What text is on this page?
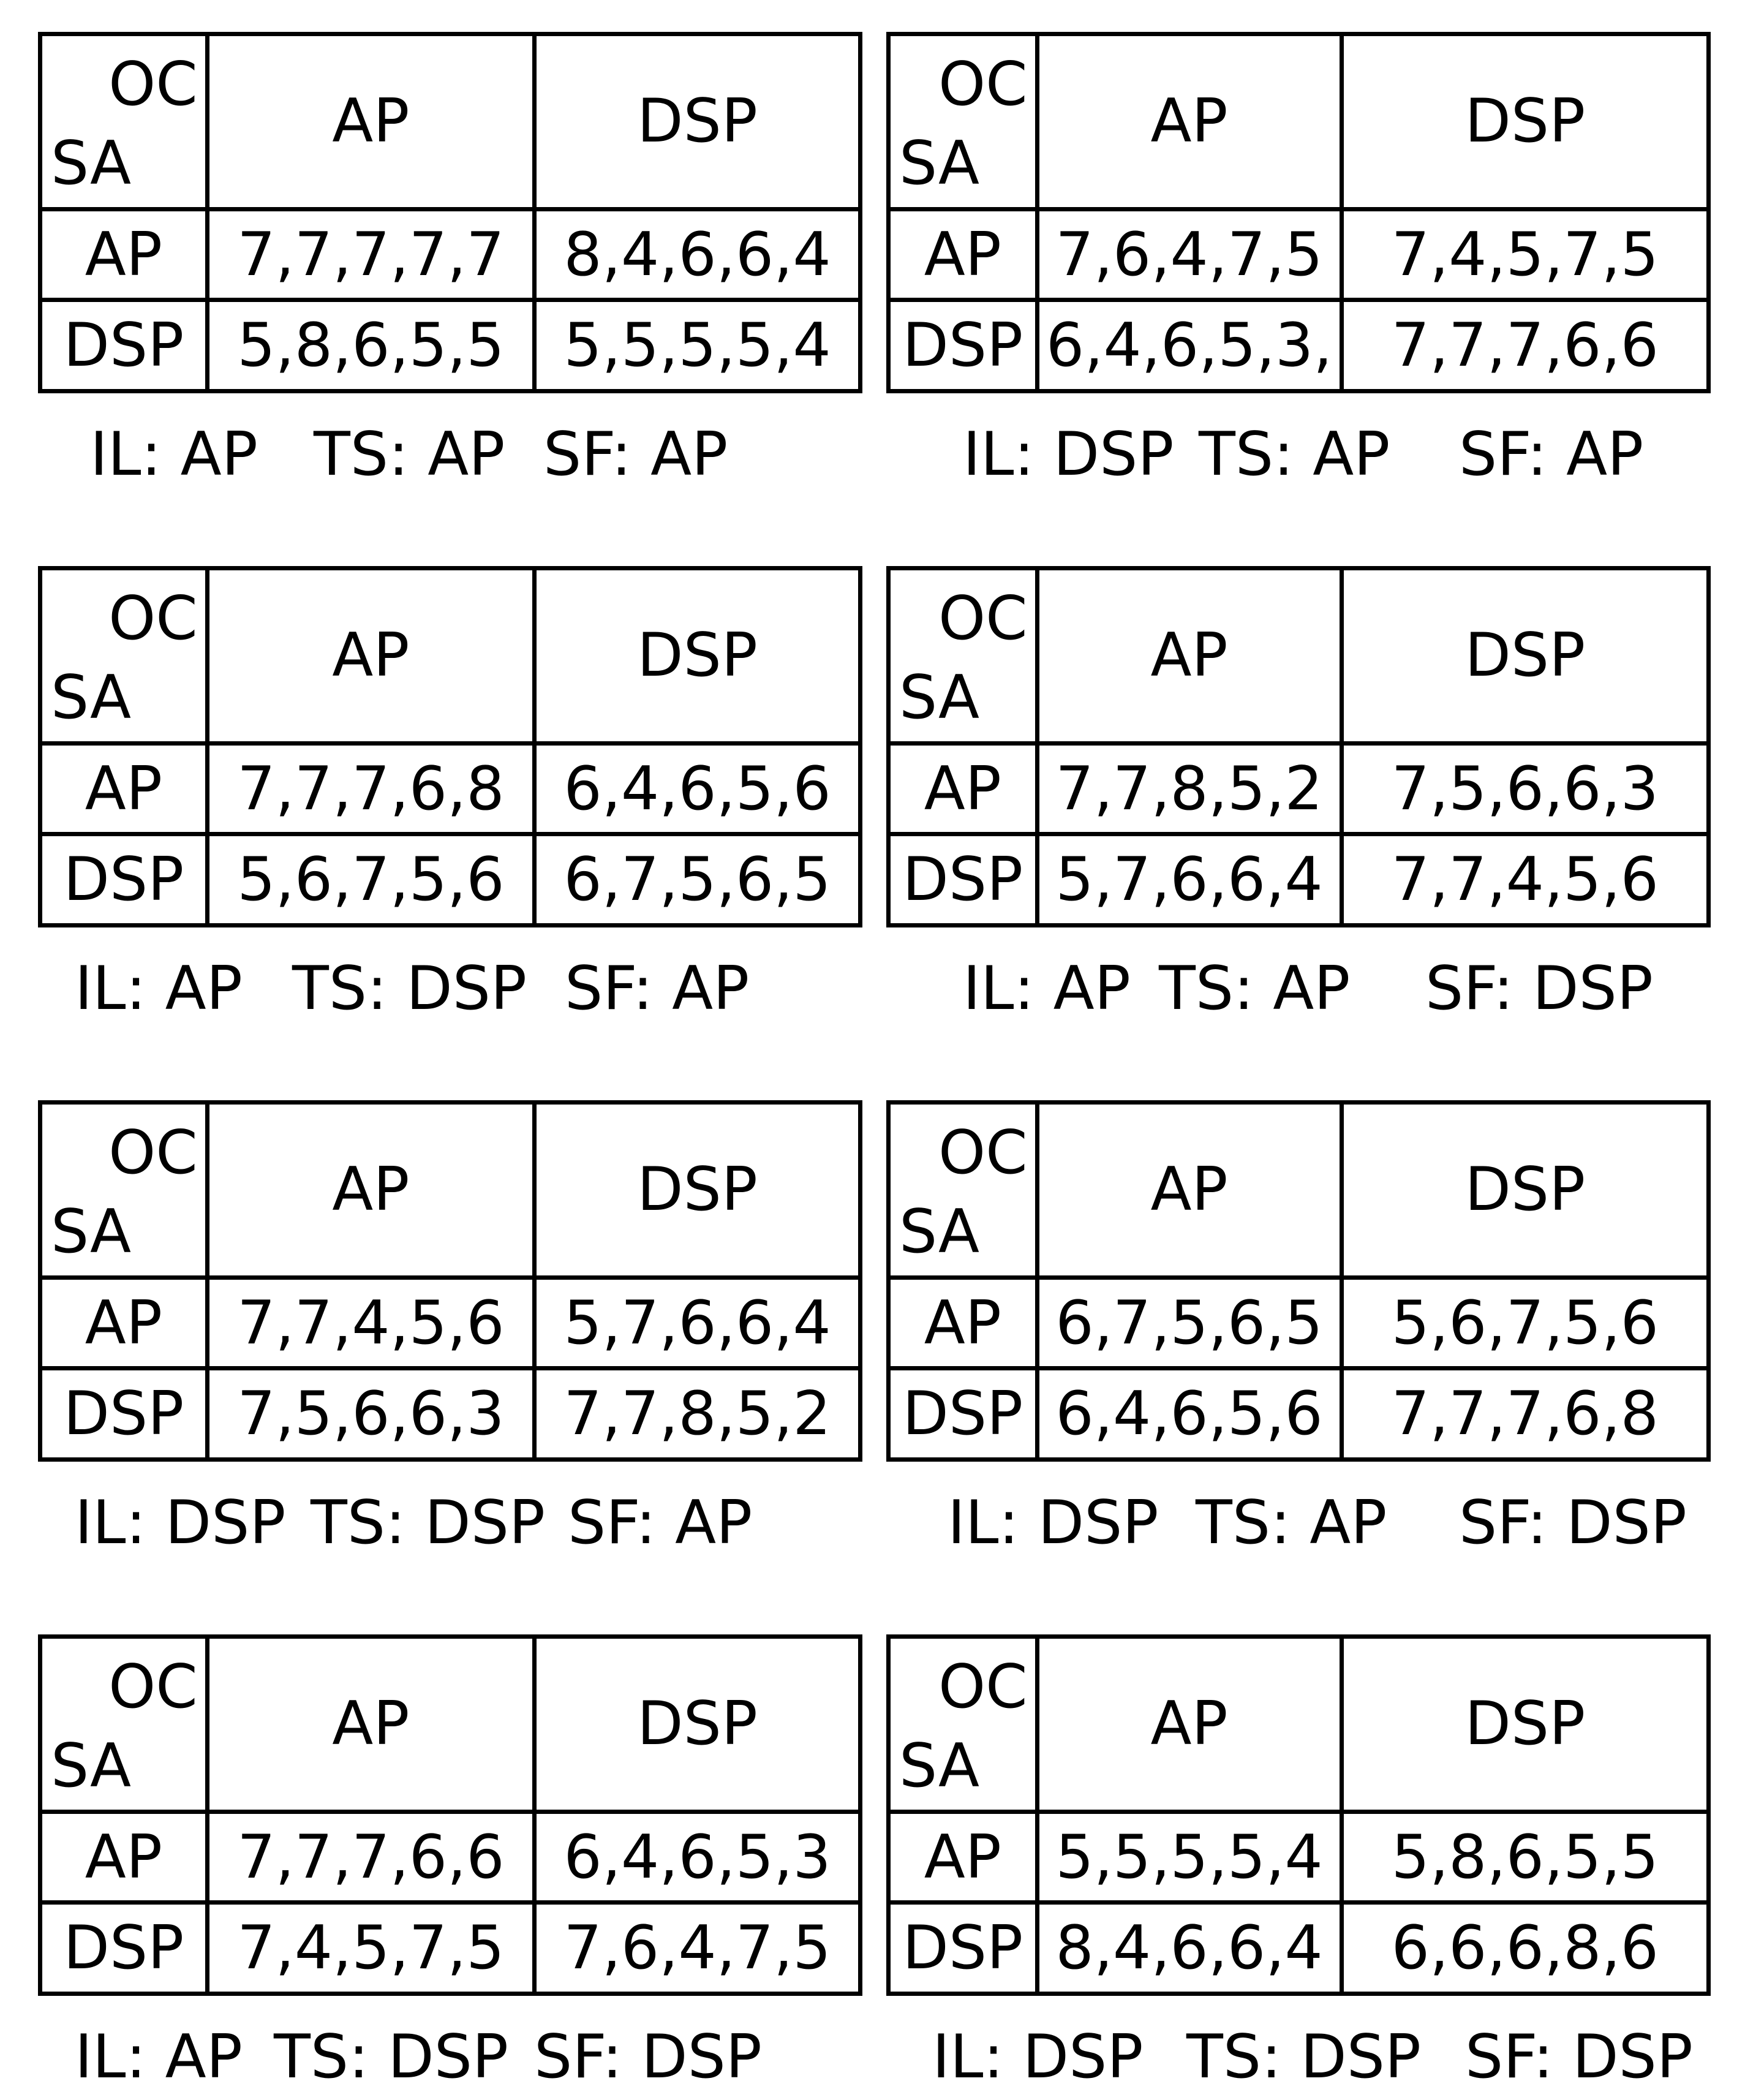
OC
SA	AP	DSP
AP	7,7,7,7,7	8,4,6,6,4
DSP	5,8,6,5,5	5,5,5,5,4
IL: AP TS: AP SF: AP
OC
SA	AP	DSP
AP	7,6,4,7,5	7,4,5,7,5
DSP	6,4,6,5,3,	7,7,7,6,6
IL: DSP TS: AP SF: AP
OC
SA	AP	DSP
AP	7,7,7,6,8	6,4,6,5,6
DSP	5,6,7,5,6	6,7,5,6,5
IL: AP TS: DSP SF: AP
OC
SA	AP	DSP
AP	7,7,8,5,2	7,5,6,6,3
DSP	5,7,6,6,4	7,7,4,5,6
IL: AP TS: AP SF: DSP
OC
SA	AP	DSP
AP	7,7,4,5,6	5,7,6,6,4
DSP	7,5,6,6,3	7,7,8,5,2
IL: DSP TS: DSP SF: AP
OC
SA	AP	DSP
AP	6,7,5,6,5	5,6,7,5,6
DSP	6,4,6,5,6	7,7,7,6,8
IL: DSP TS: AP SF: DSP
OC
SA	AP	DSP
AP	7,7,7,6,6	6,4,6,5,3
DSP	7,4,5,7,5	7,6,4,7,5
IL: AP TS: DSP SF: DSP
OC
SA	AP	DSP
AP	5,5,5,5,4	5,8,6,5,5
DSP	8,4,6,6,4	6,6,6,8,6
IL: DSP TS: DSP SF: DSP
